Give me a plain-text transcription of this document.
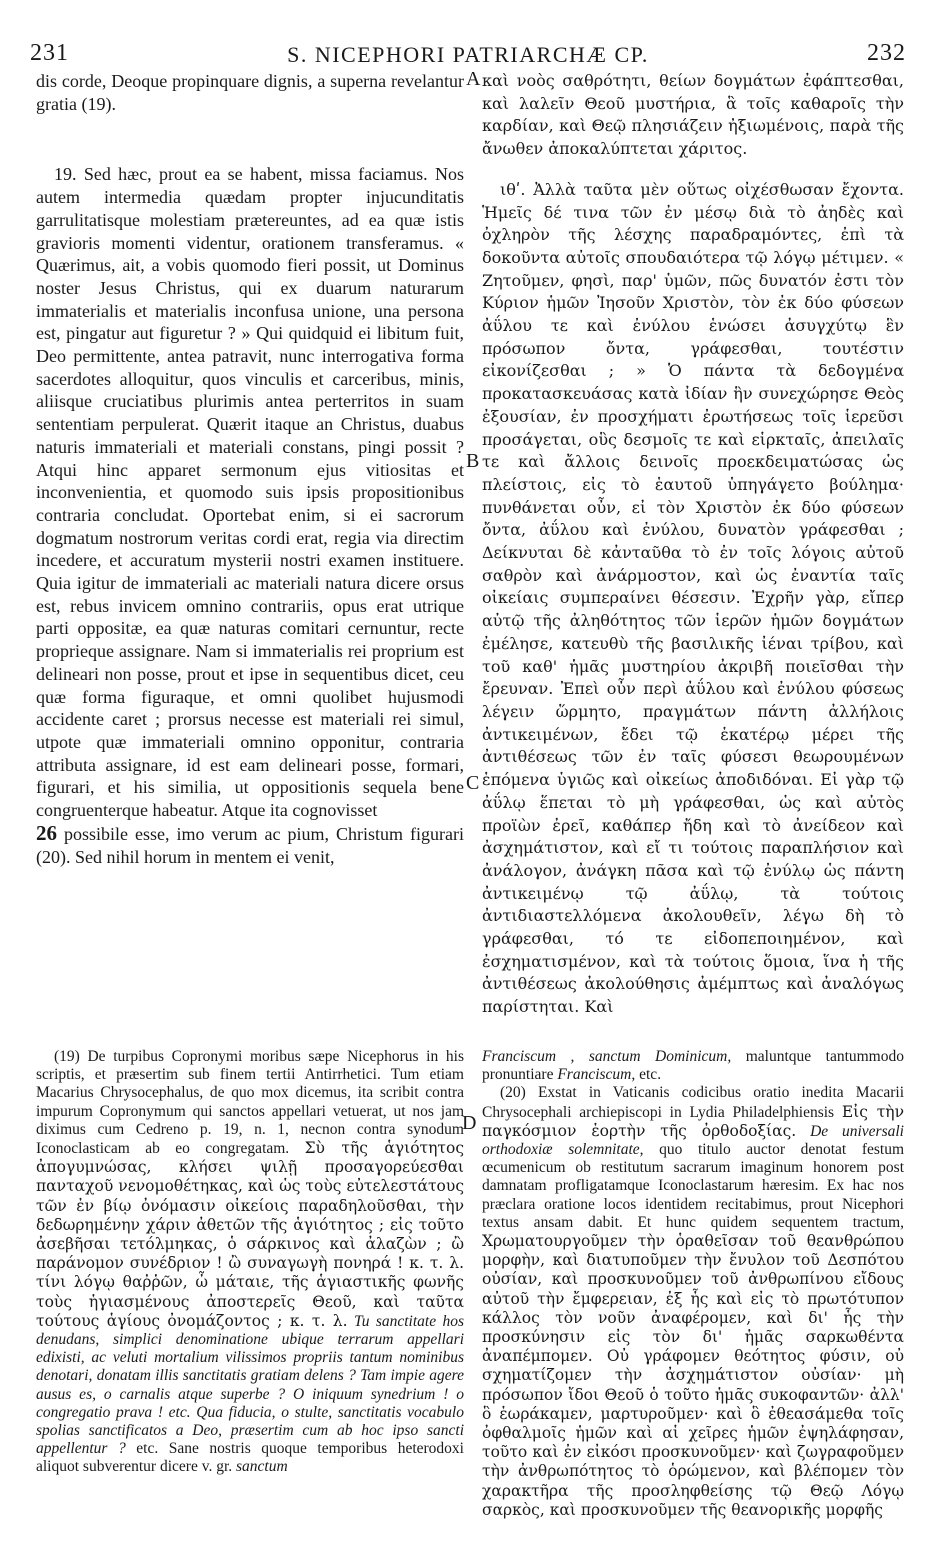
231	S. NICEPHORI PATRIARCHÆ CP.	232
A
B
C
D

dis corde, Deoque propinquare dignis, a superna revelantur gratia (19).

19. Sed hæc, prout ea se habent, missa faciamus. Nos autem intermedia quædam propter injucunditatis garrulitatisque molestiam prætereuntes, ad ea quæ istis gravioris momenti videntur, orationem transferamus. « Quærimus, ait, a vobis quomodo fieri possit, ut Dominus noster Jesus Christus, qui ex duarum naturarum immaterialis et materialis inconfusa unione, una persona est, pingatur aut figuretur ? » Qui quidquid ei libitum fuit, Deo permittente, antea patravit, nunc interrogativa forma sacerdotes alloquitur, quos vinculis et carceribus, minis, aliisque cruciatibus plurimis antea perterritos in suam sententiam perpulerat. Quærit itaque an Christus, duabus naturis immateriali et materiali constans, pingi possit ? Atqui hinc apparet sermonum ejus vitiositas et inconvenientia, et quomodo suis ipsis propositionibus contraria concludat. Oportebat enim, si ei sacrorum dogmatum nostrorum veritas cordi erat, regia via directim incedere, et accuratum mysterii nostri examen instituere. Quia igitur de immateriali ac materiali natura dicere orsus est, rebus invicem omnino contrariis, opus erat utrique parti oppositæ, ea quæ naturas comitari cernuntur, recte proprieque assignare. Nam si immaterialis rei proprium est delineari non posse, prout et ipse in sequentibus dicet, ceu quæ forma figuraque, et omni quolibet hujusmodi accidente caret ; prorsus necesse est materiali rei simul, utpote quæ immateriali omnino opponitur, contraria attributa assignare, id est eam delineari posse, formari, figurari, et his similia, ut oppositionis sequela bene congruenterque habeatur. Atque ita cognovisset
26 possibile esse, imo verum ac pium, Christum figurari (20). Sed nihil horum in mentem ei venit,

καὶ νοὸς σαθρότητι, θείων δογμάτων ἐφάπτεσθαι, καὶ λαλεῖν Θεοῦ μυστήρια, ἃ τοῖς καθαροῖς τὴν καρδίαν, καὶ Θεῷ πλησιάζειν ἠξιωμένοις, παρὰ τῆς ἄνωθεν ἀποκαλύπτεται χάριτος.

ιθʹ. Ἀλλὰ ταῦτα μὲν οὕτως οἰχέσθωσαν ἔχοντα. Ἡμεῖς δέ τινα τῶν ἐν μέσῳ διὰ τὸ ἀηδὲς καὶ ὀχληρὸν τῆς λέσχης παραδραμόντες, ἐπὶ τὰ δοκοῦντα αὐτοῖς σπουδαιότερα τῷ λόγῳ μέτιμεν. « Ζητοῦμεν, φησὶ, παρ' ὑμῶν, πῶς δυνατόν ἐστι τὸν Κύριον ἡμῶν Ἰησοῦν Χριστὸν, τὸν ἐκ δύο φύσεων ἀΰλου τε καὶ ἐνύλου ἑνώσει ἀσυγχύτῳ ἓν πρόσωπον ὄντα, γράφεσθαι, τουτέστιν εἰκονίζεσθαι ; » Ὁ πάντα τὰ δεδογμένα προκατασκευάσας κατὰ ἰδίαν ἣν συνεχώρησε Θεὸς ἐξουσίαν, ἐν προσχήματι ἐρωτήσεως τοῖς ἱερεῦσι προσάγεται, οὓς δεσμοῖς τε καὶ εἱρκταῖς, ἀπειλαῖς τε καὶ ἄλλοις δεινοῖς προεκδειματώσας ὡς πλείστοις, εἰς τὸ ἑαυτοῦ ὑπηγάγετο βούλημα· πυνθάνεται οὖν, εἰ τὸν Χριστὸν ἐκ δύο φύσεων ὄντα, ἀΰλου καὶ ἐνύλου, δυνατὸν γράφεσθαι ; Δείκνυται δὲ κἀνταῦθα τὸ ἐν τοῖς λόγοις αὐτοῦ σαθρὸν καὶ ἀνάρμοστον, καὶ ὡς ἐναντία ταῖς οἰκείαις συμπεραίνει θέσεσιν. Ἐχρῆν γὰρ, εἴπερ αὐτῷ τῆς ἀληθότητος τῶν ἱερῶν ἡμῶν δογμάτων ἐμέλησε, κατευθὺ τῆς βασιλικῆς ἰέναι τρίβου, καὶ τοῦ καθ' ἡμᾶς μυστηρίου ἀκριβῆ ποιεῖσθαι τὴν ἔρευναν. Ἐπεὶ οὖν περὶ ἀΰλου καὶ ἐνύλου φύσεως λέγειν ὥρμητο, πραγμάτων πάντη ἀλλήλοις ἀντικειμένων, ἔδει τῷ ἑκατέρῳ μέρει τῆς ἀντιθέσεως τῶν ἐν ταῖς φύσεσι θεωρουμένων ἑπόμενα ὑγιῶς καὶ οἰκείως ἀποδιδόναι. Εἰ γὰρ τῷ ἀΰλῳ ἕπεται τὸ μὴ γράφεσθαι, ὡς καὶ αὐτὸς προϊὼν ἐρεῖ, καθάπερ ἤδη καὶ τὸ ἀνείδεον καὶ ἀσχημάτιστον, καὶ εἴ τι τούτοις παραπλήσιον καὶ ἀνάλογον, ἀνάγκη πᾶσα καὶ τῷ ἐνύλῳ ὡς πάντη ἀντικειμένῳ τῷ ἀΰλῳ, τὰ τούτοις ἀντιδιαστελλόμενα ἀκολουθεῖν, λέγω δὴ τὸ γράφεσθαι, τό τε εἰδοπεποιημένον, καὶ ἐσχηματισμένον, καὶ τὰ τούτοις ὅμοια, ἵνα ἡ τῆς ἀντιθέσεως ἀκολούθησις ἀμέμπτως καὶ ἀναλόγως παρίστηται. Καὶ

(19) De turpibus Copronymi moribus sæpe Nicephorus in his scriptis, et præsertim sub finem tertii Antirrhetici. Tum etiam Macarius Chrysocephalus, de quo mox dicemus, ita scribit contra impurum Copronymum qui sanctos appellari vetuerat, ut nos jam diximus cum Cedreno p. 19, n. 1, necnon contra synodum Iconoclasticam ab eo congregatam. Σὺ τῆς ἁγιότητος ἀπογυμνώσας, κλήσει ψιλῇ προσαγορεύεσθαι πανταχοῦ νενομοθέτηκας, καὶ ὡς τοὺς εὐτελεστάτους τῶν ἐν βίῳ ὀνόμασιν οἰκείοις παραδηλοῦσθαι, τὴν δεδωρημένην χάριν ἀθετῶν τῆς ἁγιότητος ; εἰς τοῦτο ἀσεβῆσαι τετόλμηκας, ὁ σάρκινος καὶ ἀλαζὼν ; ὢ παράνομον συνέδριον ! ὢ συναγωγὴ πονηρά ! κ. τ. λ. τίνι λόγῳ θαῤῥῶν, ὦ μάταιε, τῆς ἁγιαστικῆς φωνῆς τοὺς ἡγιασμένους ἀποστερεῖς Θεοῦ, καὶ ταῦτα τούτους ἁγίους ὀνομάζοντος ; κ. τ. λ. Tu sanctitate hos denudans, simplici denominatione ubique terrarum appellari edixisti, ac veluti mortalium vilissimos propriis tantum nominibus denotari, donatam illis sanctitatis gratiam delens ? Tam impie agere ausus es, o carnalis atque superbe ? O iniquum synedrium ! o congregatio prava ! etc. Qua fiducia, o stulte, sanctitatis vocabulo spolias sanctificatos a Deo, præsertim cum ab hoc ipso sancti appellentur ? etc. Sane nostris quoque temporibus heterodoxi aliquot subverentur dicere v. gr. sanctum

Franciscum , sanctum Dominicum, maluntque tantummodo pronuntiare Franciscum, etc.

(20) Exstat in Vaticanis codicibus oratio inedita Macarii Chrysocephali archiepiscopi in Lydia Philadelphiensis Εἰς τὴν παγκόσμιον ἑορτὴν τῆς ὀρθοδοξίας. De universali orthodoxiæ solemnitate, quo titulo auctor denotat festum œcumenicum ob restitutum sacrarum imaginum honorem post damnatam profligatamque Iconoclastarum hæresim. Ex hac nos præclara oratione locos identidem recitabimus, prout Nicephori textus ansam dabit. Et hunc quidem sequentem tractum, Χρωματουργοῦμεν τὴν ὁραθεῖσαν τοῦ θεανθρώπου μορφὴν, καὶ διατυποῦμεν τὴν ἔνυλον τοῦ Δεσπότου οὐσίαν, καὶ προσκυνοῦμεν τοῦ ἀνθρωπίνου εἴδους αὐτοῦ τὴν ἔμφερειαν, ἐξ ἧς καὶ εἰς τὸ πρωτότυπον κάλλος τὸν νοῦν ἀναφέρομεν, καὶ δι' ἧς τὴν προσκύνησιν εἰς τὸν δι' ἡμᾶς σαρκωθέντα ἀναπέμπομεν. Οὐ γράφομεν θεότητος φύσιν, οὐ σχηματίζομεν τὴν ἀσχημάτιστον οὐσίαν· μὴ πρόσωπον ἴδοι Θεοῦ ὁ τοῦτο ἡμᾶς συκοφαντῶν· ἀλλ' ὃ ἑωράκαμεν, μαρτυροῦμεν· καὶ ὃ ἐθεασάμεθα τοῖς ὀφθαλμοῖς ἡμῶν καὶ αἱ χεῖρες ἡμῶν ἐψηλάφησαν, τοῦτο καὶ ἐν εἰκόσι προσκυνοῦμεν· καὶ ζωγραφοῦμεν τὴν ἀνθρωπότητος τὸ ὁρώμενον, καὶ βλέπομεν τὸν χαρακτῆρα τῆς προσληφθείσης τῷ Θεῷ Λόγῳ σαρκὸς, καὶ προσκυνοῦμεν τῆς θεανορικῆς μορφῆς
